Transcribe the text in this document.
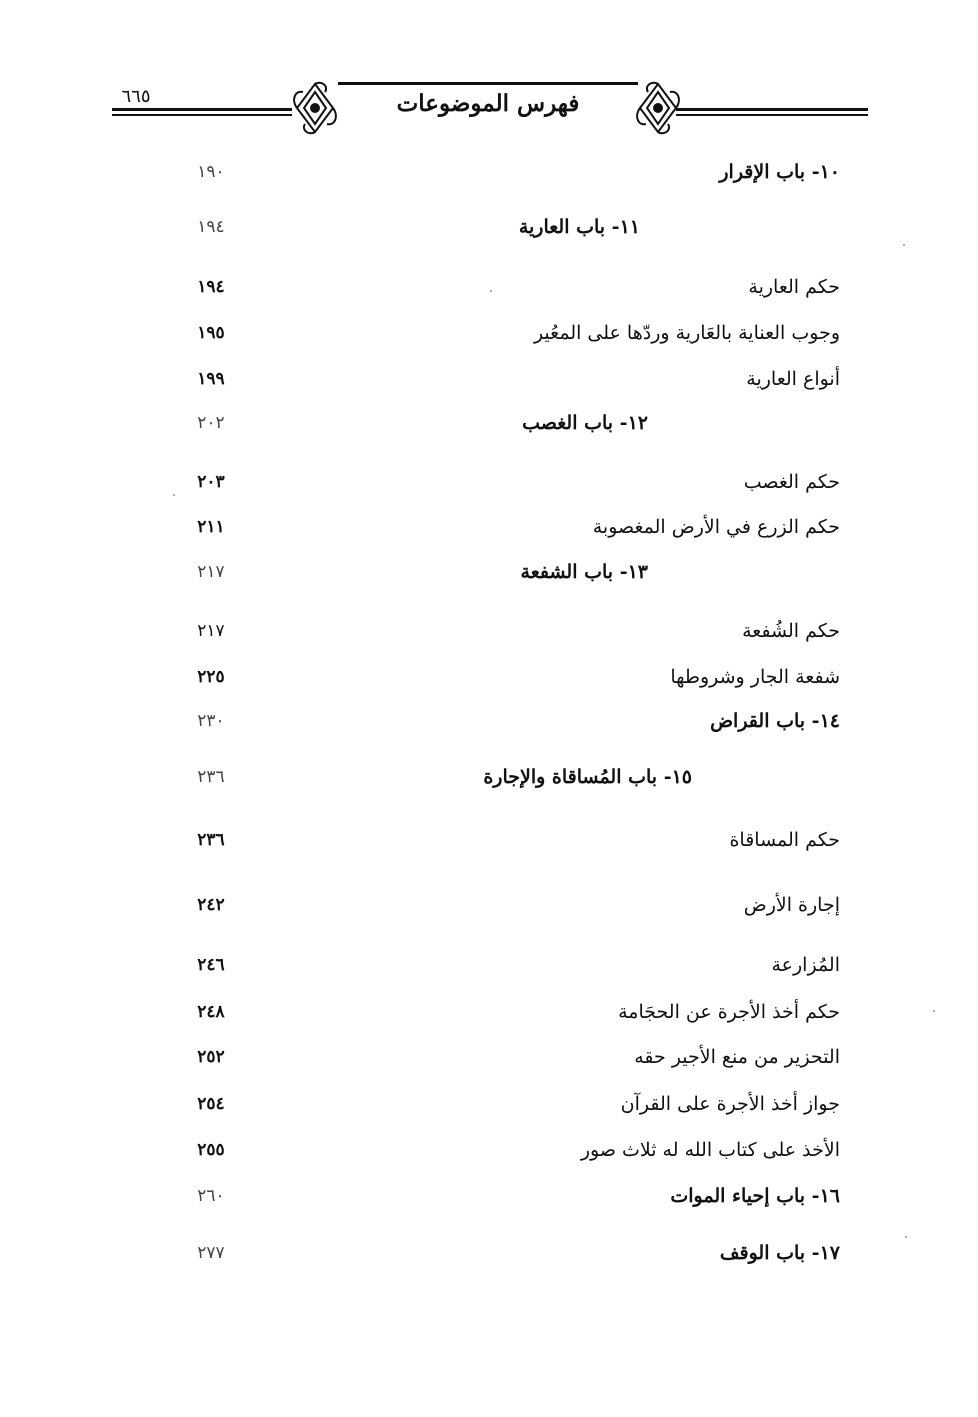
٦٦٥	فهرس الموضوعات
١٠- باب الإقرار
١٩٠
١١- باب العارية
١٩٤
حكم العارية
١٩٤
وجوب العناية بالعَارية وردّها على المعُير
١٩٥
أنواع العارية
١٩٩
١٢- باب الغصب
٢٠٢
حكم الغصب
٢٠٣
حكم الزرع في الأرض المغصوبة
٢١١
١٣- باب الشفعة
٢١٧
حكم الشُفعة
٢١٧
شفعة الجار وشروطها
٢٢٥
١٤- باب القراض
٢٣٠
١٥- باب المُساقاة والإجارة
٢٣٦
حكم المساقاة
٢٣٦
إجارة الأرض
٢٤٢
المُزارعة
٢٤٦
حكم أخذ الأجرة عن الحجَامة
٢٤٨
التحزير من منع الأجير حقه
٢٥٢
جواز أخذ الأجرة على القرآن
٢٥٤
الأخذ على كتاب الله له ثلاث صور
٢٥٥
١٦- باب إحياء الموات
٢٦٠
١٧- باب الوقف
٢٧٧
